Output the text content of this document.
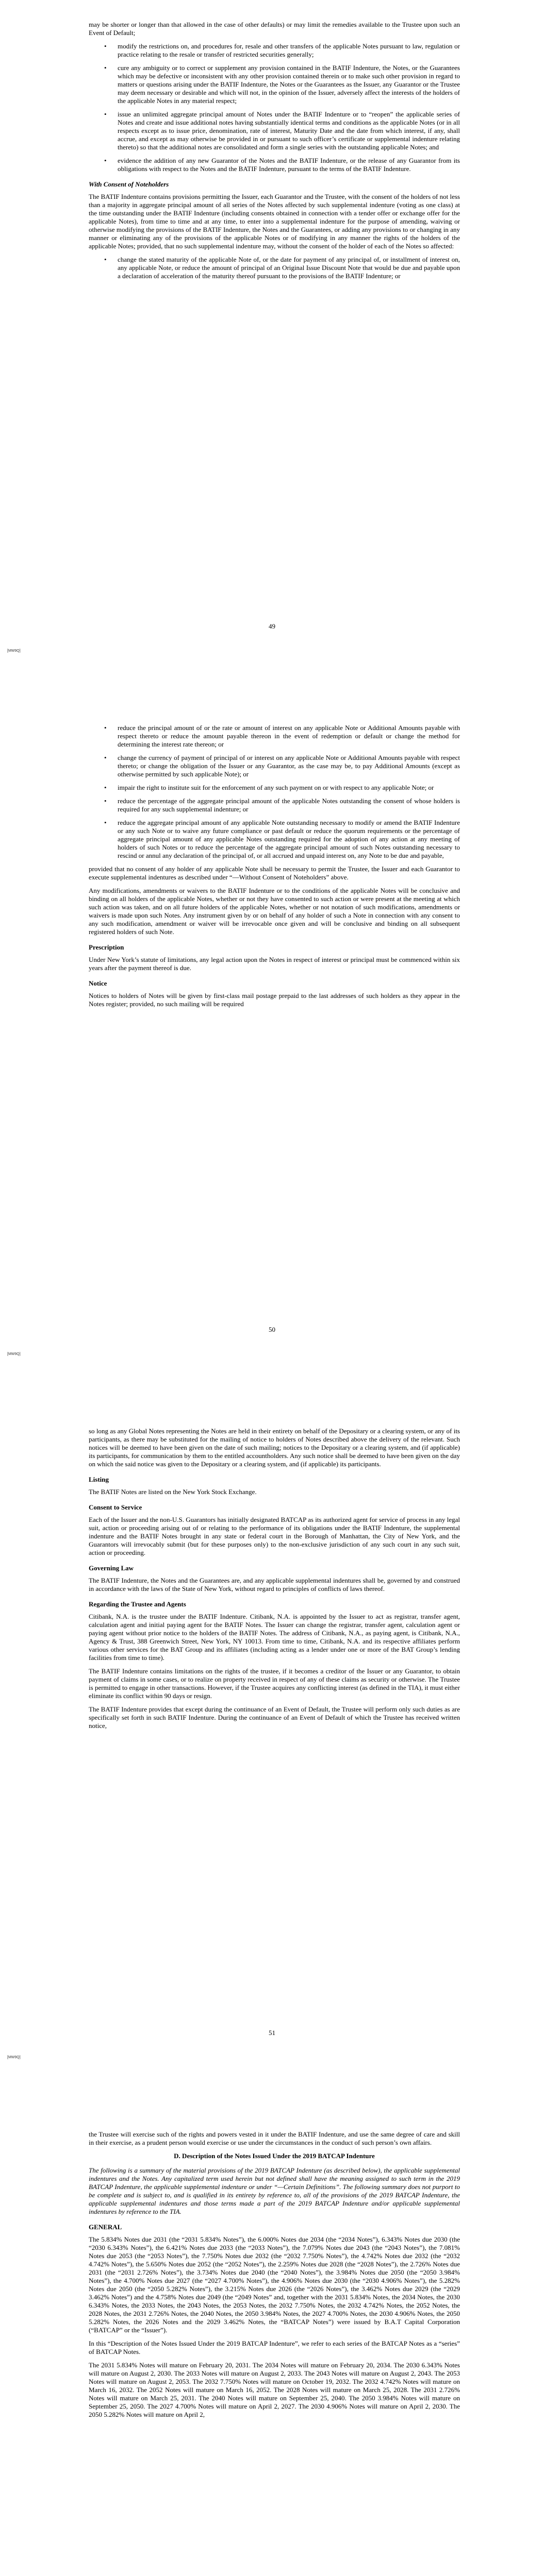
may be shorter or longer than that allowed in the case of other defaults) or may limit the remedies available to the Trustee upon such an Event of Default;

• modify the restrictions on, and procedures for, resale and other transfers of the applicable Notes pursuant to law, regulation or practice relating to the resale or transfer of restricted securities generally;
• cure any ambiguity or to correct or supplement any provision contained in the BATIF Indenture, the Notes, or the Guarantees which may be defective or inconsistent with any other provision contained therein or to make such other provision in regard to matters or questions arising under the BATIF Indenture, the Notes or the Guarantees as the Issuer, any Guarantor or the Trustee may deem necessary or desirable and which will not, in the opinion of the Issuer, adversely affect the interests of the holders of the applicable Notes in any material respect;
• issue an unlimited aggregate principal amount of Notes under the BATIF Indenture or to “reopen” the applicable series of Notes and create and issue additional notes having substantially identical terms and conditions as the applicable Notes (or in all respects except as to issue price, denomination, rate of interest, Maturity Date and the date from which interest, if any, shall accrue, and except as may otherwise be provided in or pursuant to such officer’s certificate or supplemental indenture relating thereto) so that the additional notes are consolidated and form a single series with the outstanding applicable Notes; and
• evidence the addition of any new Guarantor of the Notes and the BATIF Indenture, or the release of any Guarantor from its obligations with respect to the Notes and the BATIF Indenture, pursuant to the terms of the BATIF Indenture.
With Consent of Noteholders

The BATIF Indenture contains provisions permitting the Issuer, each Guarantor and the Trustee, with the consent of the holders of not less than a majority in aggregate principal amount of all series of the Notes affected by such supplemental indenture (voting as one class) at the time outstanding under the BATIF Indenture (including consents obtained in connection with a tender offer or exchange offer for the applicable Notes), from time to time and at any time, to enter into a supplemental indenture for the purpose of amending, waiving or otherwise modifying the provisions of the BATIF Indenture, the Notes and the Guarantees, or adding any provisions to or changing in any manner or eliminating any of the provisions of the applicable Notes or of modifying in any manner the rights of the holders of the applicable Notes; provided, that no such supplemental indenture may, without the consent of the holder of each of the Notes so affected:

• change the stated maturity of the applicable Note of, or the date for payment of any principal of, or installment of interest on, any applicable Note, or reduce the amount of principal of an Original Issue Discount Note that would be due and payable upon a declaration of acceleration of the maturity thereof pursuant to the provisions of the BATIF Indenture; or
49
[MW9Q]
• reduce the principal amount of or the rate or amount of interest on any applicable Note or Additional Amounts payable with respect thereto or reduce the amount payable thereon in the event of redemption or default or change the method for determining the interest rate thereon; or
• change the currency of payment of principal of or interest on any applicable Note or Additional Amounts payable with respect thereto; or change the obligation of the Issuer or any Guarantor, as the case may be, to pay Additional Amounts (except as otherwise permitted by such applicable Note); or
• impair the right to institute suit for the enforcement of any such payment on or with respect to any applicable Note; or
• reduce the percentage of the aggregate principal amount of the applicable Notes outstanding the consent of whose holders is required for any such supplemental indenture; or
• reduce the aggregate principal amount of any applicable Note outstanding necessary to modify or amend the BATIF Indenture or any such Note or to waive any future compliance or past default or reduce the quorum requirements or the percentage of aggregate principal amount of any applicable Notes outstanding required for the adoption of any action at any meeting of holders of such Notes or to reduce the percentage of the aggregate principal amount of such Notes outstanding necessary to rescind or annul any declaration of the principal of, or all accrued and unpaid interest on, any Note to be due and payable,

provided that no consent of any holder of any applicable Note shall be necessary to permit the Trustee, the Issuer and each Guarantor to execute supplemental indentures as described under “—Without Consent of Noteholders” above.

Any modifications, amendments or waivers to the BATIF Indenture or to the conditions of the applicable Notes will be conclusive and binding on all holders of the applicable Notes, whether or not they have consented to such action or were present at the meeting at which such action was taken, and on all future holders of the applicable Notes, whether or not notation of such modifications, amendments or waivers is made upon such Notes. Any instrument given by or on behalf of any holder of such a Note in connection with any consent to any such modification, amendment or waiver will be irrevocable once given and will be conclusive and binding on all subsequent registered holders of such Note.

Prescription

Under New York’s statute of limitations, any legal action upon the Notes in respect of interest or principal must be commenced within six years after the payment thereof is due.

Notice

Notices to holders of Notes will be given by first-class mail postage prepaid to the last addresses of such holders as they appear in the Notes register; provided, no such mailing will be required

50
[MW9Q]

so long as any Global Notes representing the Notes are held in their entirety on behalf of the Depositary or a clearing system, or any of its participants, as there may be substituted for the mailing of notice to holders of Notes described above the delivery of the relevant. Such notices will be deemed to have been given on the date of such mailing; notices to the Depositary or a clearing system, and (if applicable) its participants, for communication by them to the entitled accountholders. Any such notice shall be deemed to have been given on the day on which the said notice was given to the Depositary or a clearing system, and (if applicable) its participants.

Listing

The BATIF Notes are listed on the New York Stock Exchange.

Consent to Service

Each of the Issuer and the non-U.S. Guarantors has initially designated BATCAP as its authorized agent for service of process in any legal suit, action or proceeding arising out of or relating to the performance of its obligations under the BATIF Indenture, the supplemental indenture and the BATIF Notes brought in any state or federal court in the Borough of Manhattan, the City of New York, and the Guarantors will irrevocably submit (but for these purposes only) to the non-exclusive jurisdiction of any such court in any such suit, action or proceeding.

Governing Law

The BATIF Indenture, the Notes and the Guarantees are, and any applicable supplemental indentures shall be, governed by and construed in accordance with the laws of the State of New York, without regard to principles of conflicts of laws thereof.

Regarding the Trustee and Agents

Citibank, N.A. is the trustee under the BATIF Indenture. Citibank, N.A. is appointed by the Issuer to act as registrar, transfer agent, calculation agent and initial paying agent for the BATIF Notes. The Issuer can change the registrar, transfer agent, calculation agent or paying agent without prior notice to the holders of the BATIF Notes. The address of Citibank, N.A., as paying agent, is Citibank, N.A., Agency & Trust, 388 Greenwich Street, New York, NY 10013. From time to time, Citibank, N.A. and its respective affiliates perform various other services for the BAT Group and its affiliates (including acting as a lender under one or more of the BAT Group’s lending facilities from time to time).

The BATIF Indenture contains limitations on the rights of the trustee, if it becomes a creditor of the Issuer or any Guarantor, to obtain payment of claims in some cases, or to realize on property received in respect of any of these claims as security or otherwise. The Trustee is permitted to engage in other transactions. However, if the Trustee acquires any conflicting interest (as defined in the TIA), it must either eliminate its conflict within 90 days or resign.

The BATIF Indenture provides that except during the continuance of an Event of Default, the Trustee will perform only such duties as are specifically set forth in such BATIF Indenture. During the continuance of an Event of Default of which the Trustee has received written notice,

51
[MW9Q]

the Trustee will exercise such of the rights and powers vested in it under the BATIF Indenture, and use the same degree of care and skill in their exercise, as a prudent person would exercise or use under the circumstances in the conduct of such person’s own affairs.

D. Description of the Notes Issued Under the 2019 BATCAP Indenture

The following is a summary of the material provisions of the 2019 BATCAP Indenture (as described below), the applicable supplemental indentures and the Notes. Any capitalized term used herein but not defined shall have the meaning assigned to such term in the 2019 BATCAP Indenture, the applicable supplemental indenture or under “—Certain Definitions”. The following summary does not purport to be complete and is subject to, and is qualified in its entirety by reference to, all of the provisions of the 2019 BATCAP Indenture, the applicable supplemental indentures and those terms made a part of the 2019 BATCAP Indenture and/or applicable supplemental indentures by reference to the TIA.

GENERAL

The 5.834% Notes due 2031 (the “2031 5.834% Notes”), the 6.000% Notes due 2034 (the “2034 Notes”), 6.343% Notes due 2030 (the “2030 6.343% Notes”), the 6.421% Notes due 2033 (the “2033 Notes”), the 7.079% Notes due 2043 (the “2043 Notes”), the 7.081% Notes due 2053 (the “2053 Notes”), the 7.750% Notes due 2032 (the “2032 7.750% Notes”), the 4.742% Notes due 2032 (the “2032 4.742% Notes”), the 5.650% Notes due 2052 (the “2052 Notes”), the 2.259% Notes due 2028 (the “2028 Notes”), the 2.726% Notes due 2031 (the “2031 2.726% Notes”), the 3.734% Notes due 2040 (the “2040 Notes”), the 3.984% Notes due 2050 (the “2050 3.984% Notes”), the 4.700% Notes due 2027 (the “2027 4.700% Notes”), the 4.906% Notes due 2030 (the “2030 4.906% Notes”), the 5.282% Notes due 2050 (the “2050 5.282% Notes”), the 3.215% Notes due 2026 (the “2026 Notes”), the 3.462% Notes due 2029 (the “2029 3.462% Notes”) and the 4.758% Notes due 2049 (the “2049 Notes” and, together with the 2031 5.834% Notes, the 2034 Notes, the 2030 6.343% Notes, the 2033 Notes, the 2043 Notes, the 2053 Notes, the 2032 7.750% Notes, the 2032 4.742% Notes, the 2052 Notes, the 2028 Notes, the 2031 2.726% Notes, the 2040 Notes, the 2050 3.984% Notes, the 2027 4.700% Notes, the 2030 4.906% Notes, the 2050 5.282% Notes, the 2026 Notes and the 2029 3.462% Notes, the “BATCAP Notes”) were issued by B.A.T Capital Corporation (“BATCAP” or the “Issuer”).

In this “Description of the Notes Issued Under the 2019 BATCAP Indenture”, we refer to each series of the BATCAP Notes as a “series” of BATCAP Notes.

The 2031 5.834% Notes will mature on February 20, 2031. The 2034 Notes will mature on February 20, 2034. The 2030 6.343% Notes will mature on August 2, 2030. The 2033 Notes will mature on August 2, 2033. The 2043 Notes will mature on August 2, 2043. The 2053 Notes will mature on August 2, 2053. The 2032 7.750% Notes will mature on October 19, 2032. The 2032 4.742% Notes will mature on March 16, 2032. The 2052 Notes will mature on March 16, 2052. The 2028 Notes will mature on March 25, 2028. The 2031 2.726% Notes will mature on March 25, 2031. The 2040 Notes will mature on September 25, 2040. The 2050 3.984% Notes will mature on September 25, 2050. The 2027 4.700% Notes will mature on April 2, 2027. The 2030 4.906% Notes will mature on April 2, 2030. The 2050 5.282% Notes will mature on April 2,
